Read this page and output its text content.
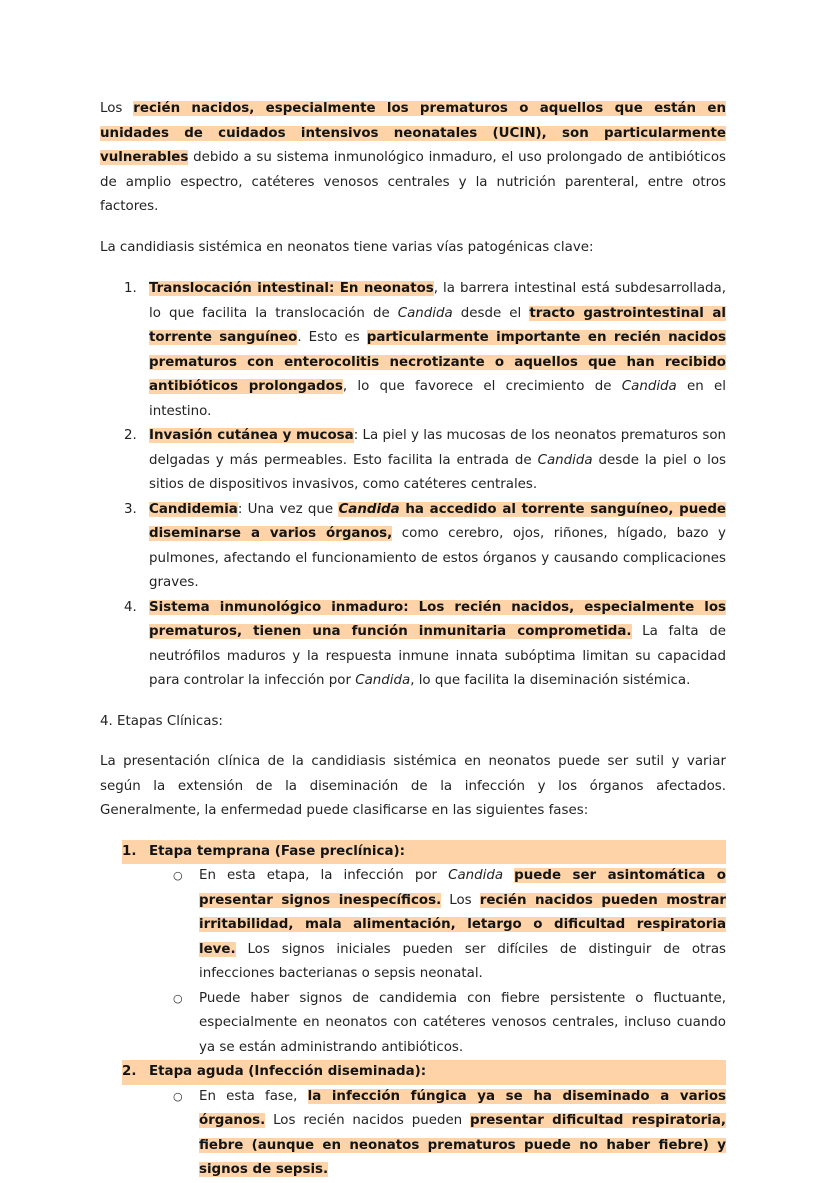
Los recién nacidos, especialmente los prematuros o aquellos que están en unidades de cuidados intensivos neonatales (UCIN), son particularmente vulnerables debido a su sistema inmunológico inmaduro, el uso prolongado de antibióticos de amplio espectro, catéteres venosos centrales y la nutrición parenteral, entre otros factores.

La candidiasis sistémica en neonatos tiene varias vías patogénicas clave:

1. Translocación intestinal: En neonatos, la barrera intestinal está subdesarrollada, lo que facilita la translocación de Candida desde el tracto gastrointestinal al torrente sanguíneo. Esto es particularmente importante en recién nacidos prematuros con enterocolitis necrotizante o aquellos que han recibido antibióticos prolongados, lo que favorece el crecimiento de Candida en el intestino.
2. Invasión cutánea y mucosa: La piel y las mucosas de los neonatos prematuros son delgadas y más permeables. Esto facilita la entrada de Candida desde la piel o los sitios de dispositivos invasivos, como catéteres centrales.
3. Candidemia: Una vez que Candida ha accedido al torrente sanguíneo, puede diseminarse a varios órganos, como cerebro, ojos, riñones, hígado, bazo y pulmones, afectando el funcionamiento de estos órganos y causando complicaciones graves.
4. Sistema inmunológico inmaduro: Los recién nacidos, especialmente los prematuros, tienen una función inmunitaria comprometida. La falta de neutrófilos maduros y la respuesta inmune innata subóptima limitan su capacidad para controlar la infección por Candida, lo que facilita la diseminación sistémica.

4. Etapas Clínicas:

La presentación clínica de la candidiasis sistémica en neonatos puede ser sutil y variar según la extensión de la diseminación de la infección y los órganos afectados. Generalmente, la enfermedad puede clasificarse en las siguientes fases:

1. Etapa temprana (Fase preclínica):
○ En esta etapa, la infección por Candida puede ser asintomática o presentar signos inespecíficos. Los recién nacidos pueden mostrar irritabilidad, mala alimentación, letargo o dificultad respiratoria leve. Los signos iniciales pueden ser difíciles de distinguir de otras infecciones bacterianas o sepsis neonatal.
○ Puede haber signos de candidemia con fiebre persistente o fluctuante, especialmente en neonatos con catéteres venosos centrales, incluso cuando ya se están administrando antibióticos.
2. Etapa aguda (Infección diseminada):
○ En esta fase, la infección fúngica ya se ha diseminado a varios órganos. Los recién nacidos pueden presentar dificultad respiratoria, fiebre (aunque en neonatos prematuros puede no haber fiebre) y signos de sepsis.
